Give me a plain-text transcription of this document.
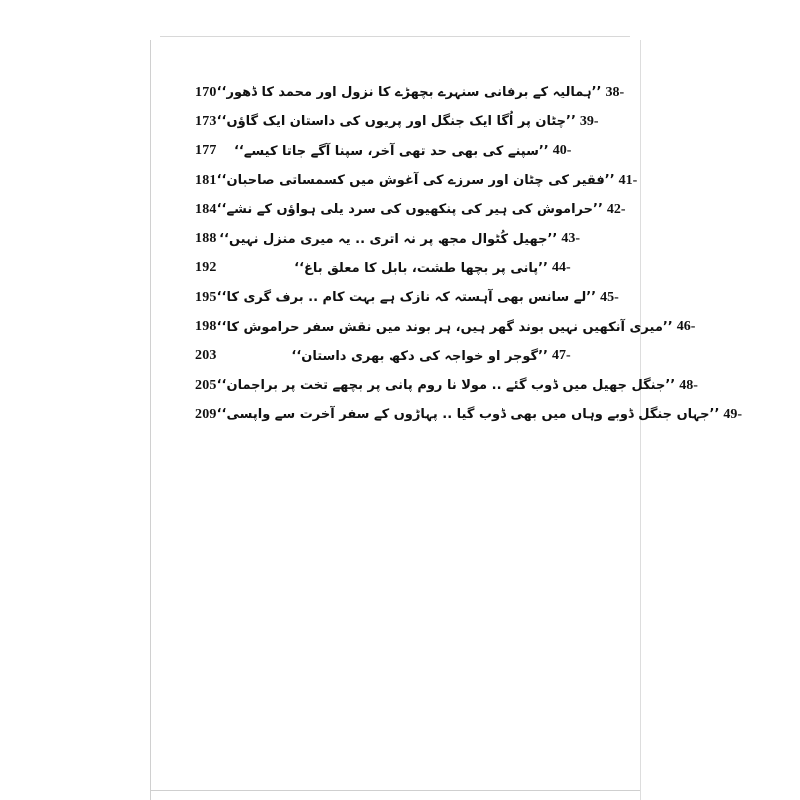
170 ’’ہمالیہ کے برفانی سنہرے بچھڑے کا نزول اور محمد کا ڈھور‘‘ 38-
173 ’’چٹان پر اُگا ایک جنگل اور پریوں کی داستان ایک گاؤں‘‘ 39-
177	’’سپنے کی بھی حد تھی آخر، سپنا آگے جاتا کیسے‘‘ 40-
181 ’’فقیر کی چٹان اور سرزے کی آغوش میں کسمساتی صاحبان‘‘ 41-
184 ’’حراموش کی ہیر کی پنکھیوں کی سرد یلی ہواؤں کے نشے‘‘ 42-
188 ’’جھیل کُٹوال مجھ پر نہ اتری .. یہ میری منزل نہیں‘‘ 43-
192	’’پانی پر بچھا طشت، بابل کا معلق باغ‘‘ 44-
195 ’’لے سانس بھی آہستہ کہ نازک ہے بہت کام .. برف گری کا‘‘ 45-
198 ’’میری آنکھیں نہیں بوند گھر ہیں، ہر بوند میں نقش سفر حراموش کا‘‘ 46-
203	’’گوجر او خواجہ کی دکھ بھری داستان‘‘ 47-
205 ’’جنگل جھیل میں ڈوب گئے .. مولا نا روم پانی پر بچھے تخت پر براجمان‘‘ 48-
209 ’’جہاں جنگل ڈوبے وہاں میں بھی ڈوب گیا .. پہاڑوں کے سفر آخرت سے واپسی‘‘ 49-
